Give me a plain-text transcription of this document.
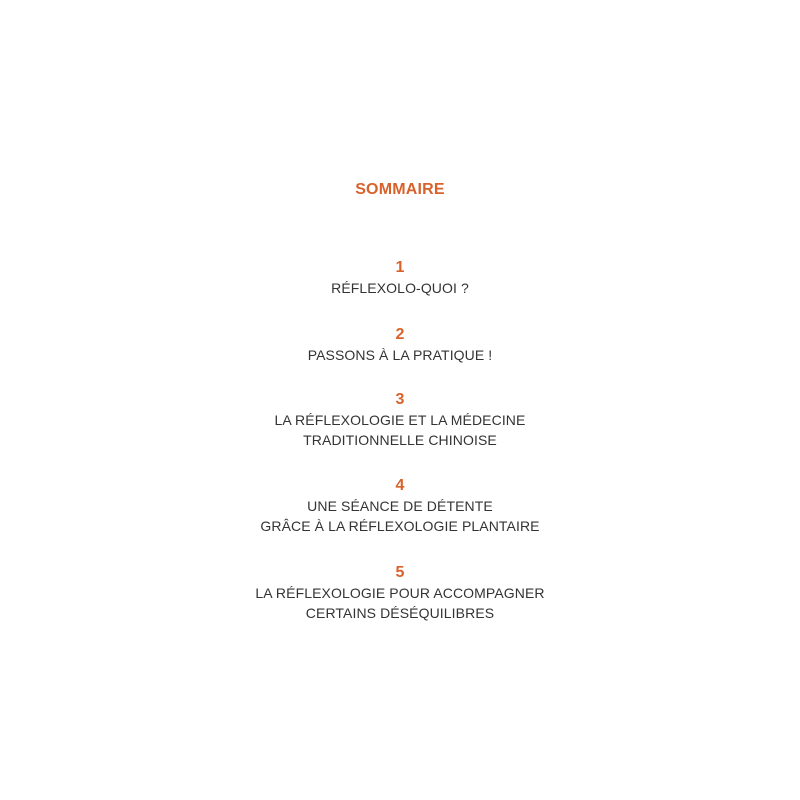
SOMMAIRE
1
RÉFLEXOLO-QUOI ?
2
PASSONS À LA PRATIQUE !
3
LA RÉFLEXOLOGIE ET LA MÉDECINE
TRADITIONNELLE CHINOISE
4
UNE SÉANCE DE DÉTENTE
GRÂCE À LA RÉFLEXOLOGIE PLANTAIRE
5
LA RÉFLEXOLOGIE POUR ACCOMPAGNER
CERTAINS DÉSÉQUILIBRES
